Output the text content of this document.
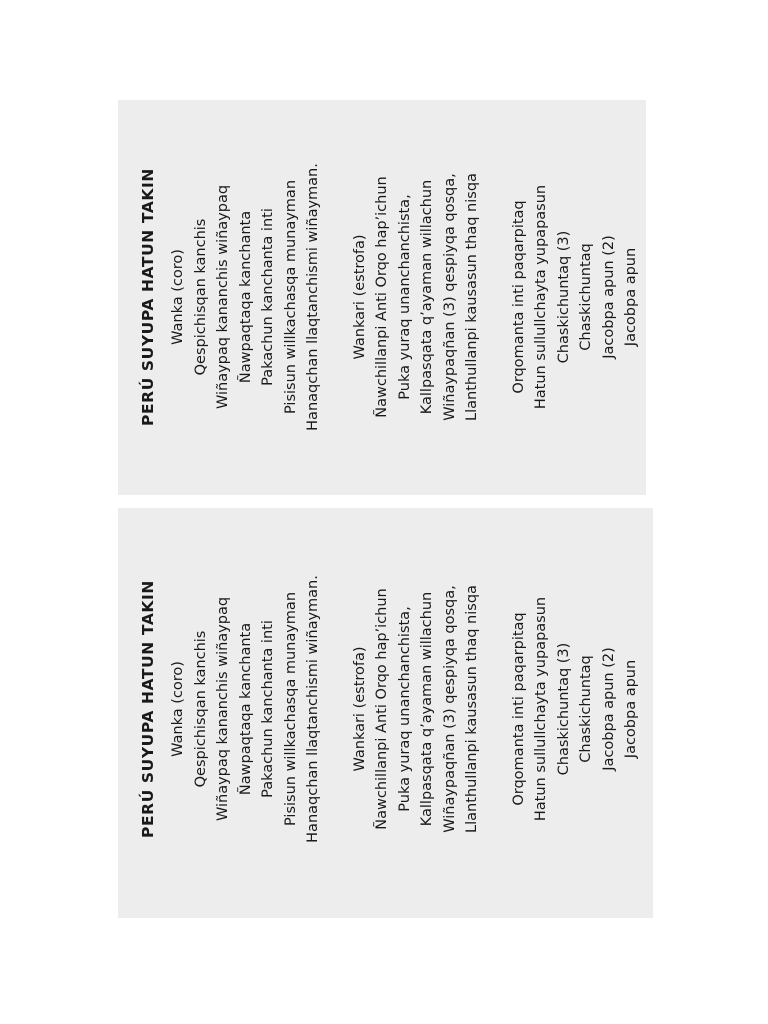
PERÚ SUYUPA HATUN TAKIN Wanka (coro) Qespichisqan kanchis Wiñaypaq kananchis wiñaypaq Ñawpaqtaqa kanchanta Pakachun kanchanta inti Pisisun willkachasqa munayman Hanaqchan llaqtanchismi wiñayman. Wankari (estrofa) Ñawchillanpi Anti Orqo hap’ichun Puka yuraq unanchanchista, Kallpasqata q’ayaman willachun Wiñaypaqñan (3) qespiyqa qosqa, Llanthullanpi kausasun thaq nisqa Orqomanta inti paqarpitaq Hatun sullullchayta yupapasun Chaskichuntaq (3) Chaskichuntaq Jacobpa apun (2) Jacobpa apun
PERÚ SUYUPA HATUN TAKIN Wanka (coro) Qespichisqan kanchis Wiñaypaq kananchis wiñaypaq Ñawpaqtaqa kanchanta Pakachun kanchanta inti Pisisun willkachasqa munayman Hanaqchan llaqtanchismi wiñayman. Wankari (estrofa) Ñawchillanpi Anti Orqo hap’ichun Puka yuraq unanchanchista, Kallpasqata q’ayaman willachun Wiñaypaqñan (3) qespiyqa qosqa, Llanthullanpi kausasun thaq nisqa Orqomanta inti paqarpitaq Hatun sullullchayta yupapasun Chaskichuntaq (3) Chaskichuntaq Jacobpa apun (2) Jacobpa apun
